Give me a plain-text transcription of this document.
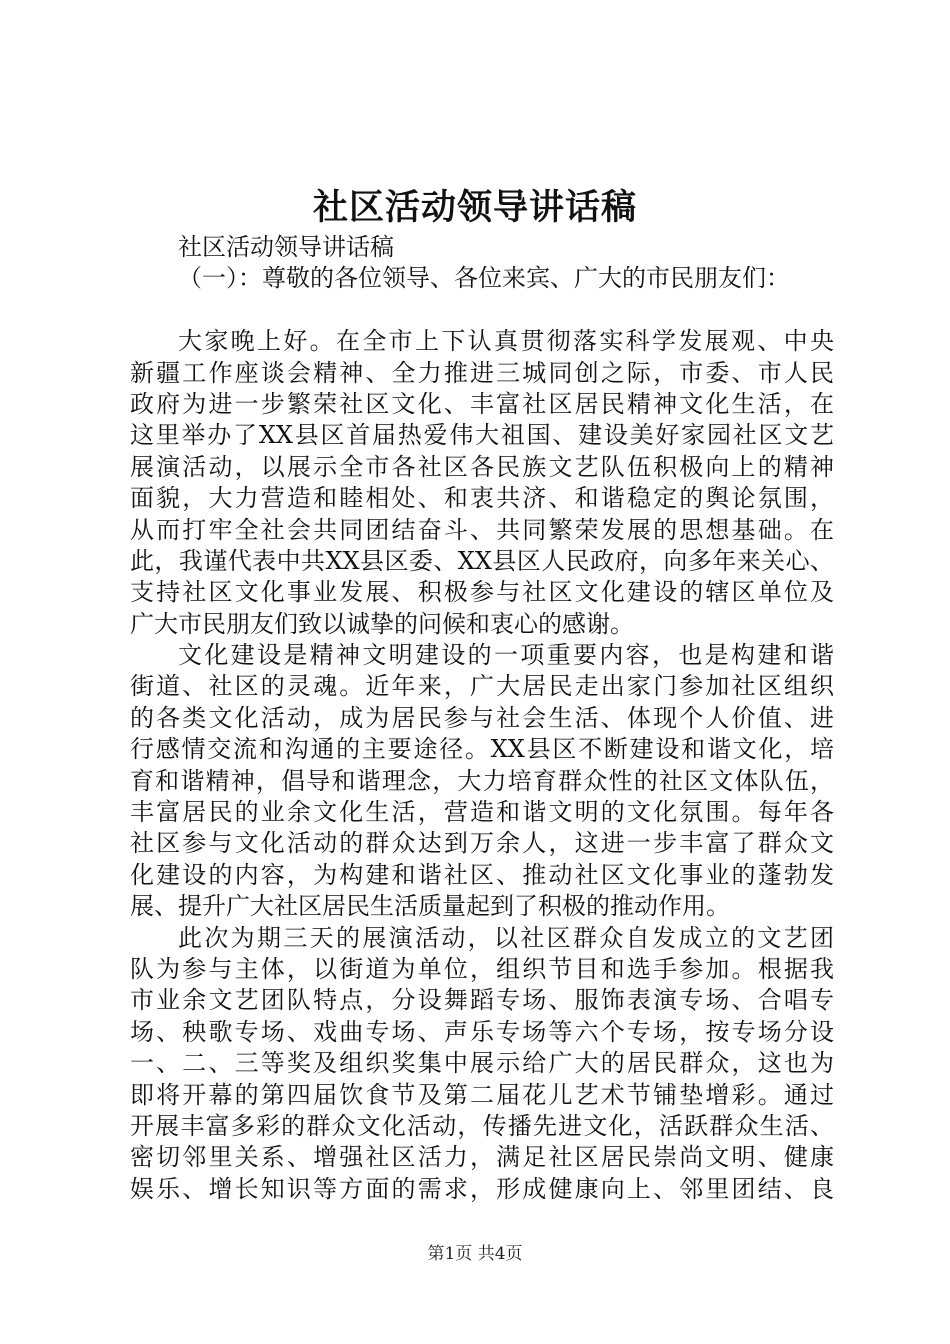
社区活动领导讲话稿
社区活动领导讲话稿
（一）：尊敬的各位领导、各位来宾、广大的市民朋友们：
大家晚上好。在全市上下认真贯彻落实科学发展观、中央
新疆工作座谈会精神、全力推进三城同创之际，市委、市人民
政府为进一步繁荣社区文化、丰富社区居民精神文化生活，在
这里举办了XX县区首届热爱伟大祖国、建设美好家园社区文艺
展演活动，以展示全市各社区各民族文艺队伍积极向上的精神
面貌，大力营造和睦相处、和衷共济、和谐稳定的舆论氛围，
从而打牢全社会共同团结奋斗、共同繁荣发展的思想基础。在
此，我谨代表中共XX县区委、XX县区人民政府，向多年来关心、
支持社区文化事业发展、积极参与社区文化建设的辖区单位及
广大市民朋友们致以诚挚的问候和衷心的感谢。
文化建设是精神文明建设的一项重要内容，也是构建和谐
街道、社区的灵魂。近年来，广大居民走出家门参加社区组织
的各类文化活动，成为居民参与社会生活、体现个人价值、进
行感情交流和沟通的主要途径。XX县区不断建设和谐文化，培
育和谐精神，倡导和谐理念，大力培育群众性的社区文体队伍，
丰富居民的业余文化生活，营造和谐文明的文化氛围。每年各
社区参与文化活动的群众达到万余人，这进一步丰富了群众文
化建设的内容，为构建和谐社区、推动社区文化事业的蓬勃发
展、提升广大社区居民生活质量起到了积极的推动作用。
此次为期三天的展演活动，以社区群众自发成立的文艺团
队为参与主体，以街道为单位，组织节目和选手参加。根据我
市业余文艺团队特点，分设舞蹈专场、服饰表演专场、合唱专
场、秧歌专场、戏曲专场、声乐专场等六个专场，按专场分设
一、二、三等奖及组织奖集中展示给广大的居民群众，这也为
即将开幕的第四届饮食节及第二届花儿艺术节铺垫增彩。通过
开展丰富多彩的群众文化活动，传播先进文化，活跃群众生活、
密切邻里关系、增强社区活力，满足社区居民崇尚文明、健康
娱乐、增长知识等方面的需求，形成健康向上、邻里团结、良
第1页 共4页
